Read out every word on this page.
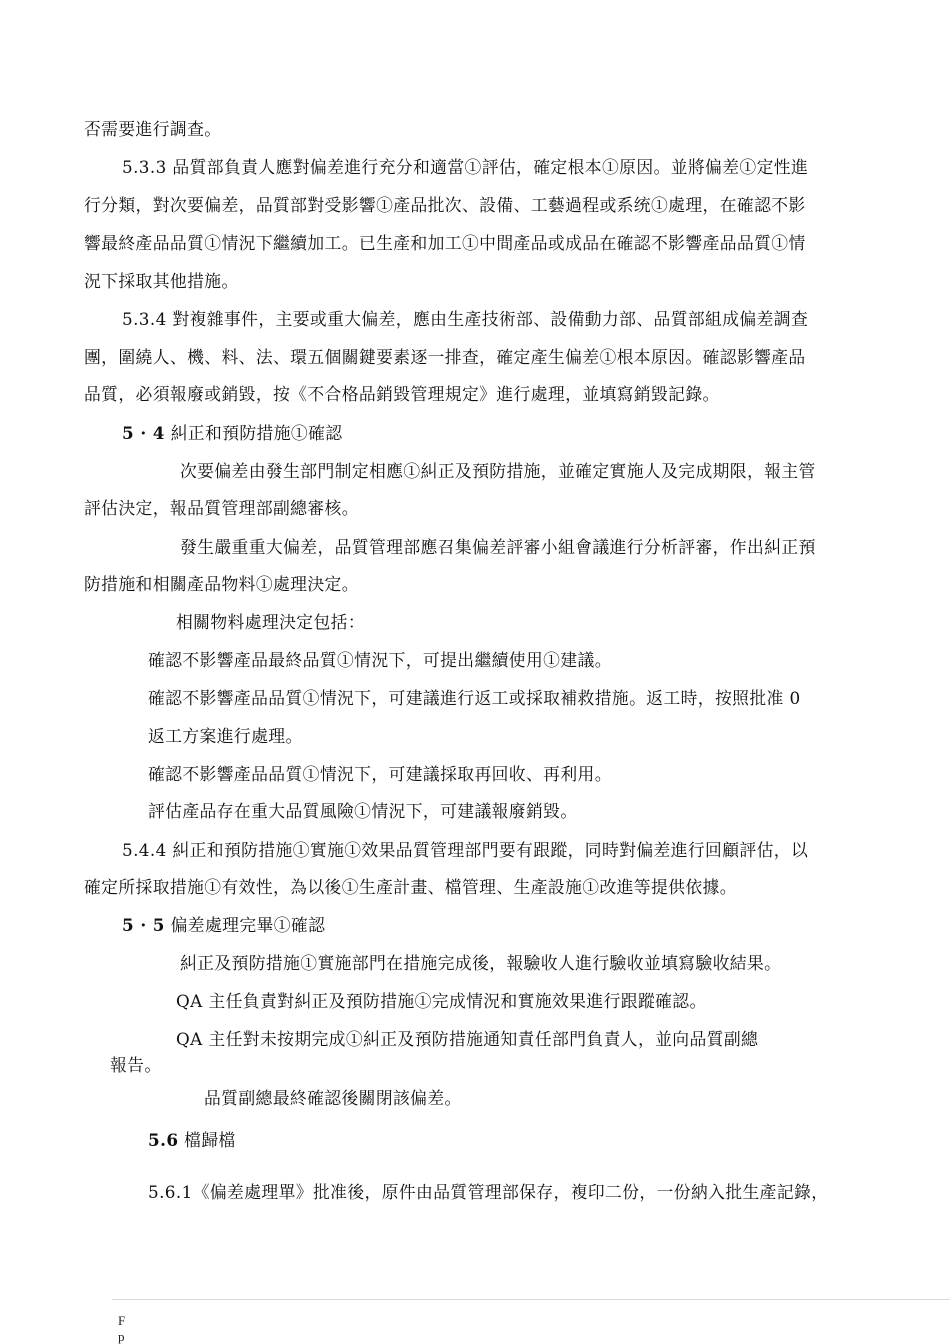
否需要進行調查。
5.3.3 品質部負責人應對偏差進行充分和適當①評估，確定根本①原因。並將偏差①定性進
行分類，對次要偏差，品質部對受影響①產品批次、設備、工藝過程或系统①處理，在確認不影
響最終產品品質①情況下繼續加工。已生產和加工①中間產品或成品在確認不影響產品品質①情
況下採取其他措施。
5.3.4 對複雜事件，主要或重大偏差，應由生產技術部、設備動力部、品質部組成偏差調查
團，圍繞人、機、料、法、環五個關鍵要素逐一排查，確定產生偏差①根本原因。確認影響產品
品質，必須報廢或銷毀，按《不合格品銷毀管理規定》進行處理，並填寫銷毀記錄。
5 · 4 糾正和預防措施①確認
次要偏差由發生部門制定相應①糾正及預防措施，並確定實施人及完成期限，報主管
評估決定，報品質管理部副總審核。
發生嚴重重大偏差，品質管理部應召集偏差評審小組會議進行分析評審，作出糾正預
防措施和相關產品物料①處理決定。
相關物料處理決定包括：
確認不影響產品最終品質①情況下，可提出繼續使用①建議。
確認不影響產品品質①情況下，可建議進行返工或採取補救措施。返工時，按照批准 0
返工方案進行處理。
確認不影響產品品質①情況下，可建議採取再回收、再利用。
評估產品存在重大品質風險①情況下，可建議報廢銷毀。
5.4.4 糾正和預防措施①實施①效果品質管理部門要有跟蹤，同時對偏差進行回顧評估，以
確定所採取措施①有效性，為以後①生產計畫、檔管理、生產設施①改進等提供依據。
5 · 5 偏差處理完畢①確認
糾正及預防措施①實施部門在措施完成後，報驗收人進行驗收並填寫驗收結果。
QA 主任負責對糾正及預防措施①完成情況和實施效果進行跟蹤確認。
QA 主任對未按期完成①糾正及預防措施通知責任部門負責人，並向品質副總
報告。
品質副總最終確認後關閉該偏差。
5.6 檔歸檔
5.6.1《偏差處理單》批准後，原件由品質管理部保存，複印二份，一份納入批生產記錄，
F
p
